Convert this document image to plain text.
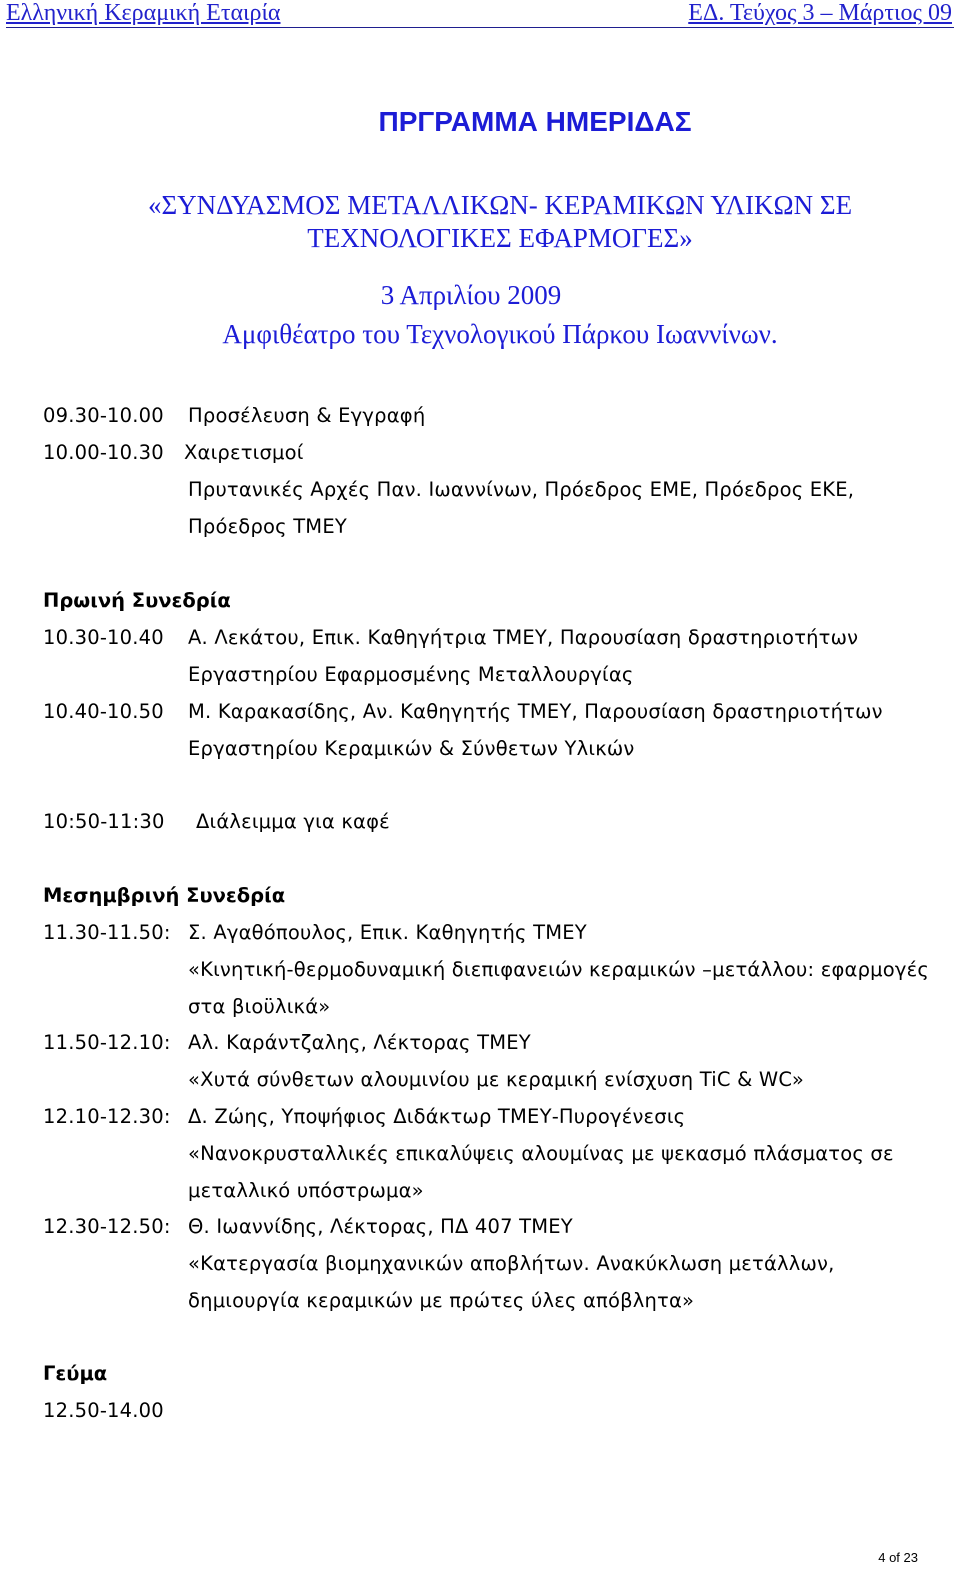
Ελληνική Κεραμική Εταιρία	ΕΔ. Τεύχος 3 – Μάρτιος 09
ΠΡΓΡΑΜΜΑ ΗΜΕΡΙΔΑΣ
«ΣΥΝΔΥΑΣΜΟΣ ΜΕΤΑΛΛΙΚΩΝ- ΚΕΡΑΜΙΚΩΝ ΥΛΙΚΩΝ ΣΕ
ΤΕΧΝΟΛΟΓΙΚΕΣ ΕΦΑΡΜΟΓΕΣ»
3 Απριλίου 2009
Αμφιθέατρο του Τεχνολογικού Πάρκου Ιωαννίνων.
09.30-10.00 Προσέλευση & Εγγραφή
10.00-10.30 Χαιρετισμοί
Πρυτανικές Αρχές Παν. Ιωαννίνων, Πρόεδρος ΕΜΕ, Πρόεδρος ΕΚΕ,
Πρόεδρος ΤΜΕΥ
Πρωινή Συνεδρία
10.30-10.40 Α. Λεκάτου, Επικ. Καθηγήτρια ΤΜΕΥ, Παρουσίαση δραστηριοτήτων
Εργαστηρίου Εφαρμοσμένης Μεταλλουργίας
10.40-10.50 Μ. Καρακασίδης, Αν. Καθηγητής ΤΜΕΥ, Παρουσίαση δραστηριοτήτων
Εργαστηρίου Κεραμικών & Σύνθετων Υλικών
10:50-11:30 Διάλειμμα για καφέ
Μεσημβρινή Συνεδρία
11.30-11.50: Σ. Αγαθόπουλος, Επικ. Καθηγητής ΤΜΕΥ
«Κινητική-θερμοδυναμική διεπιφανειών κεραμικών –μετάλλου: εφαρμογές
στα βιοϋλικά»
11.50-12.10: Αλ. Καράντζαλης, Λέκτορας ΤΜΕΥ
«Χυτά σύνθετων αλουμινίου με κεραμική ενίσχυση TiC & WC»
12.10-12.30: Δ. Ζώης, Υποψήφιος Διδάκτωρ ΤΜΕΥ-Πυρογένεσις
«Νανοκρυσταλλικές επικαλύψεις αλουμίνας με ψεκασμό πλάσματος σε
μεταλλικό υπόστρωμα»
12.30-12.50: Θ. Ιωαννίδης, Λέκτορας, ΠΔ 407 ΤΜΕΥ
«Κατεργασία βιομηχανικών αποβλήτων. Ανακύκλωση μετάλλων,
δημιουργία κεραμικών με πρώτες ύλες απόβλητα»
Γεύμα
12.50-14.00
4 of 23
